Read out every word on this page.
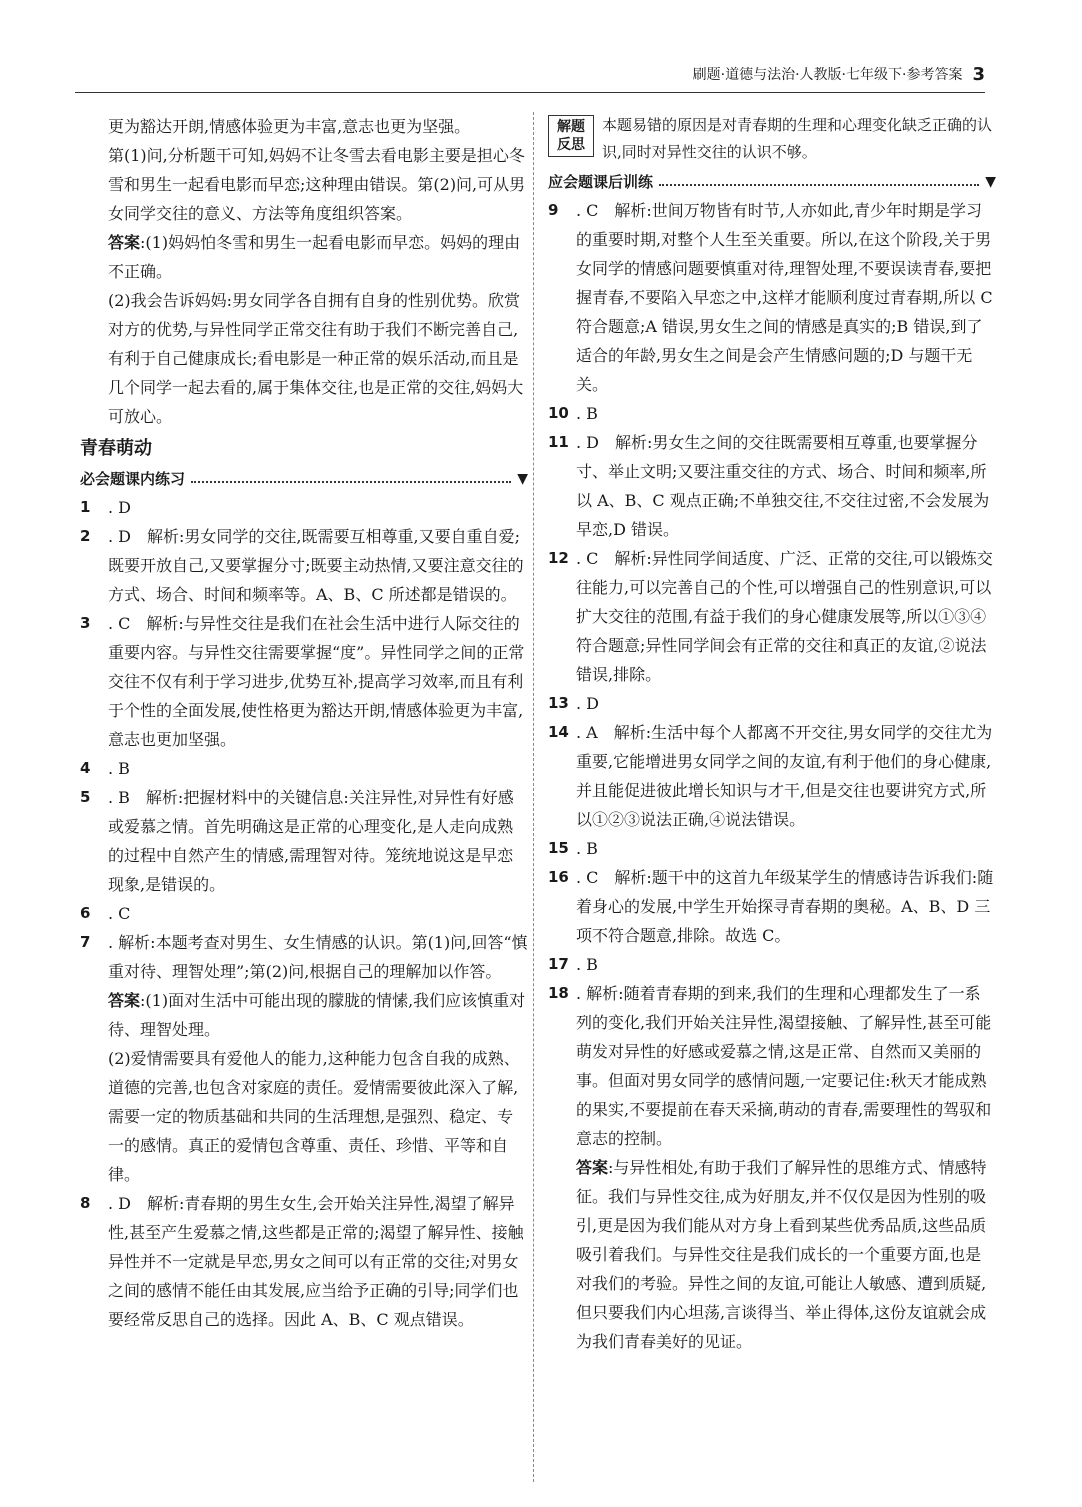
刷题·道德与法治·人教版·七年级下·参考答案 3

更为豁达开朗,情感体验更为丰富,意志也更为坚强。

第(1)问,分析题干可知,妈妈不让冬雪去看电影主要是担心冬雪和男生一起看电影而早恋;这种理由错误。第(2)问,可从男女同学交往的意义、方法等角度组织答案。

答案:(1)妈妈怕冬雪和男生一起看电影而早恋。妈妈的理由不正确。

(2)我会告诉妈妈:男女同学各自拥有自身的性别优势。欣赏对方的优势,与异性同学正常交往有助于我们不断完善自己,有利于自己健康成长;看电影是一种正常的娱乐活动,而且是几个同学一起去看的,属于集体交往,也是正常的交往,妈妈大可放心。

青春萌动
必会题课内练习	▼
1 . D
2 . D　解析:男女同学的交往,既需要互相尊重,又要自重自爱;既要开放自己,又要掌握分寸;既要主动热情,又要注意交往的方式、场合、时间和频率等。A、B、C 所述都是错误的。
3 . C　解析:与异性交往是我们在社会生活中进行人际交往的重要内容。与异性交往需要掌握“度”。异性同学之间的正常交往不仅有利于学习进步,优势互补,提高学习效率,而且有利于个性的全面发展,使性格更为豁达开朗,情感体验更为丰富,意志也更加坚强。
4 . B
5 . B　解析:把握材料中的关键信息:关注异性,对异性有好感或爱慕之情。首先明确这是正常的心理变化,是人走向成熟的过程中自然产生的情感,需理智对待。笼统地说这是早恋现象,是错误的。
6 . C
7 . 解析:本题考查对男生、女生情感的认识。第(1)问,回答“慎重对待、理智处理”;第(2)问,根据自己的理解加以作答。

答案:(1)面对生活中可能出现的朦胧的情愫,我们应该慎重对待、理智处理。

(2)爱情需要具有爱他人的能力,这种能力包含自我的成熟、道德的完善,也包含对家庭的责任。爱情需要彼此深入了解,需要一定的物质基础和共同的生活理想,是强烈、稳定、专一的感情。真正的爱情包含尊重、责任、珍惜、平等和自律。

8 . D　解析:青春期的男生女生,会开始关注异性,渴望了解异性,甚至产生爱慕之情,这些都是正常的;渴望了解异性、接触异性并不一定就是早恋,男女之间可以有正常的交往;对男女之间的感情不能任由其发展,应当给予正确的引导;同学们也要经常反思自己的选择。因此 A、B、C 观点错误。
解题反思
本题易错的原因是对青春期的生理和心理变化缺乏正确的认识,同时对异性交往的认识不够。
应会题课后训练	▼
9 . C　解析:世间万物皆有时节,人亦如此,青少年时期是学习的重要时期,对整个人生至关重要。所以,在这个阶段,关于男女同学的情感问题要慎重对待,理智处理,不要误读青春,要把握青春,不要陷入早恋之中,这样才能顺利度过青春期,所以 C 符合题意;A 错误,男女生之间的情感是真实的;B 错误,到了适合的年龄,男女生之间是会产生情感问题的;D 与题干无关。
10 . B
11 . D　解析:男女生之间的交往既需要相互尊重,也要掌握分寸、举止文明;又要注重交往的方式、场合、时间和频率,所以 A、B、C 观点正确;不单独交往,不交往过密,不会发展为早恋,D 错误。
12 . C　解析:异性同学间适度、广泛、正常的交往,可以锻炼交往能力,可以完善自己的个性,可以增强自己的性别意识,可以扩大交往的范围,有益于我们的身心健康发展等,所以①③④符合题意;异性同学间会有正常的交往和真正的友谊,②说法错误,排除。
13 . D
14 . A　解析:生活中每个人都离不开交往,男女同学的交往尤为重要,它能增进男女同学之间的友谊,有利于他们的身心健康,并且能促进彼此增长知识与才干,但是交往也要讲究方式,所以①②③说法正确,④说法错误。
15 . B
16 . C　解析:题干中的这首九年级某学生的情感诗告诉我们:随着身心的发展,中学生开始探寻青春期的奥秘。A、B、D 三项不符合题意,排除。故选 C。
17 . B
18 . 解析:随着青春期的到来,我们的生理和心理都发生了一系列的变化,我们开始关注异性,渴望接触、了解异性,甚至可能萌发对异性的好感或爱慕之情,这是正常、自然而又美丽的事。但面对男女同学的感情问题,一定要记住:秋天才能成熟的果实,不要提前在春天采摘,萌动的青春,需要理性的驾驭和意志的控制。

答案:与异性相处,有助于我们了解异性的思维方式、情感特征。我们与异性交往,成为好朋友,并不仅仅是因为性别的吸引,更是因为我们能从对方身上看到某些优秀品质,这些品质吸引着我们。与异性交往是我们成长的一个重要方面,也是对我们的考验。异性之间的友谊,可能让人敏感、遭到质疑,但只要我们内心坦荡,言谈得当、举止得体,这份友谊就会成为我们青春美好的见证。
